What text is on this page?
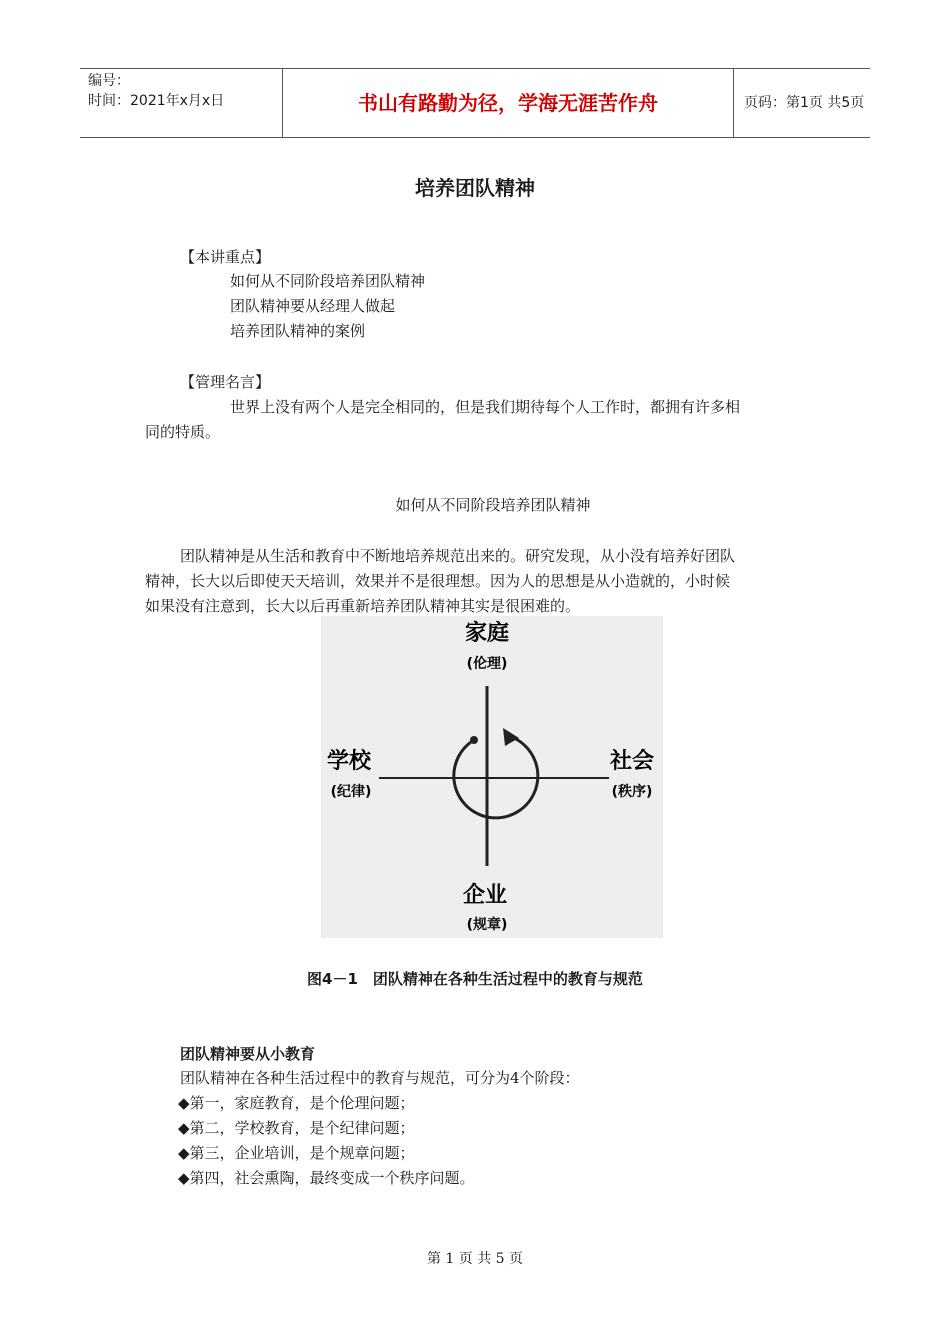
编号：
时间：2021年x月x日	书山有路勤为径，学海无涯苦作舟	页码：第1页 共5页
培养团队精神
【本讲重点】
如何从不同阶段培养团队精神
团队精神要从经理人做起
培养团队精神的案例
【管理名言】
世界上没有两个人是完全相同的，但是我们期待每个人工作时，都拥有许多相
同的特质。
如何从不同阶段培养团队精神
团队精神是从生活和教育中不断地培养规范出来的。研究发现，从小没有培养好团队
精神，长大以后即使天天培训，效果并不是很理想。因为人的思想是从小造就的，小时候
如果没有注意到，长大以后再重新培养团队精神其实是很困难的。
家庭
(伦理)
学校
(纪律)
社会
(秩序)
企业
(规章)
图4－1　团队精神在各种生活过程中的教育与规范
团队精神要从小教育
团队精神在各种生活过程中的教育与规范，可分为4个阶段：
◆第一，家庭教育，是个伦理问题；
◆第二，学校教育，是个纪律问题；
◆第三，企业培训，是个规章问题；
◆第四，社会熏陶，最终变成一个秩序问题。
第 1 页 共 5 页
